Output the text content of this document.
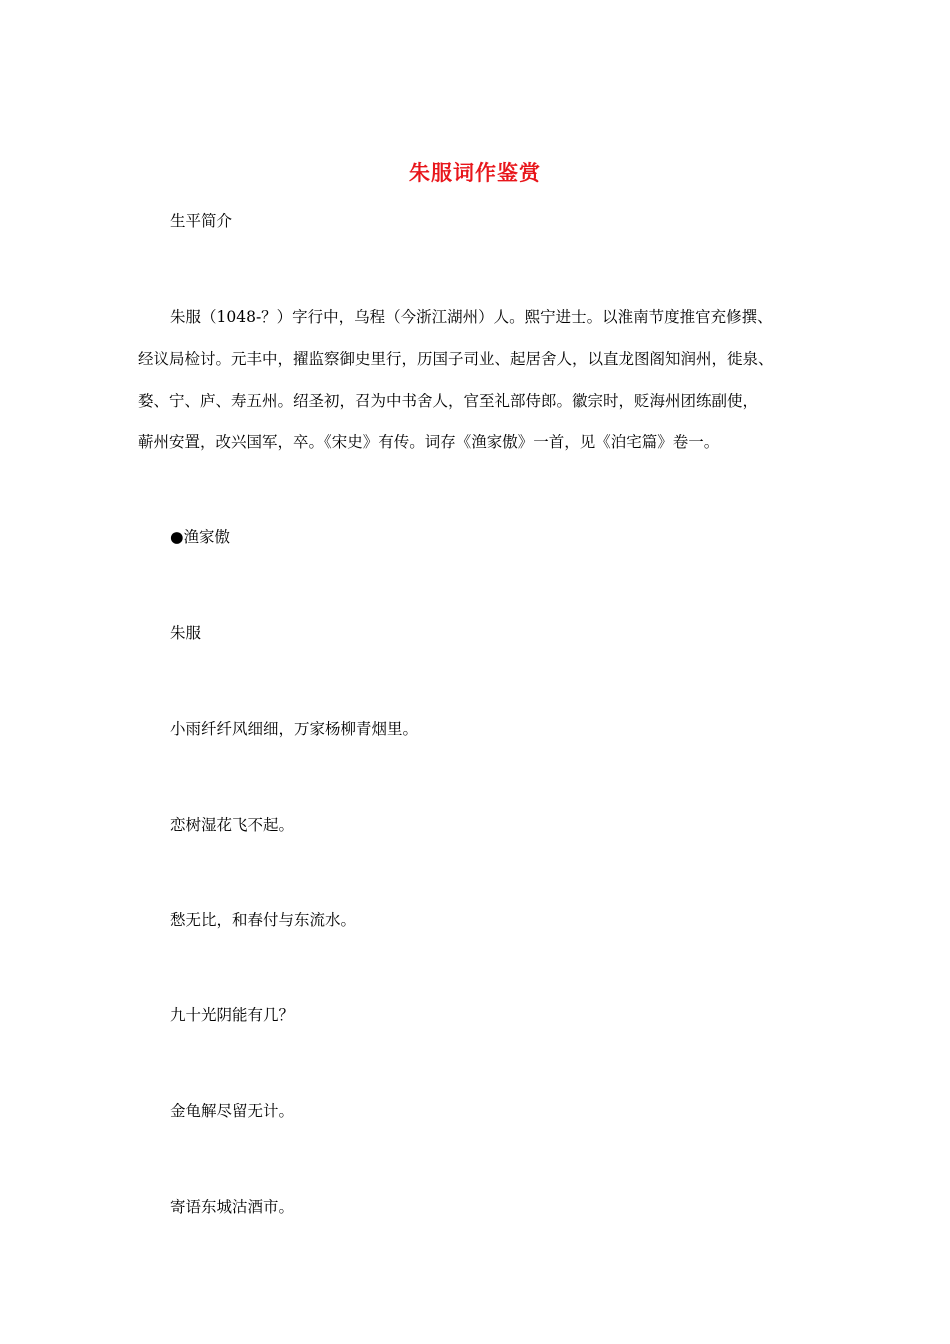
朱服词作鉴赏
生平简介
朱服（1048-？）字行中，乌程（今浙江湖州）人。熙宁进士。以淮南节度推官充修撰、
经议局检讨。元丰中，擢监察御史里行，历国子司业、起居舍人，以直龙图阁知润州，徙泉、
婺、宁、庐、寿五州。绍圣初，召为中书舍人，官至礼部侍郎。徽宗时，贬海州团练副使，
蕲州安置，改兴国军，卒。《宋史》有传。词存《渔家傲》一首，见《泊宅篇》卷一。
●渔家傲
朱服
小雨纤纤风细细，万家杨柳青烟里。
恋树湿花飞不起。
愁无比，和春付与东流水。
九十光阴能有几？
金龟解尽留无计。
寄语东城沽酒市。
